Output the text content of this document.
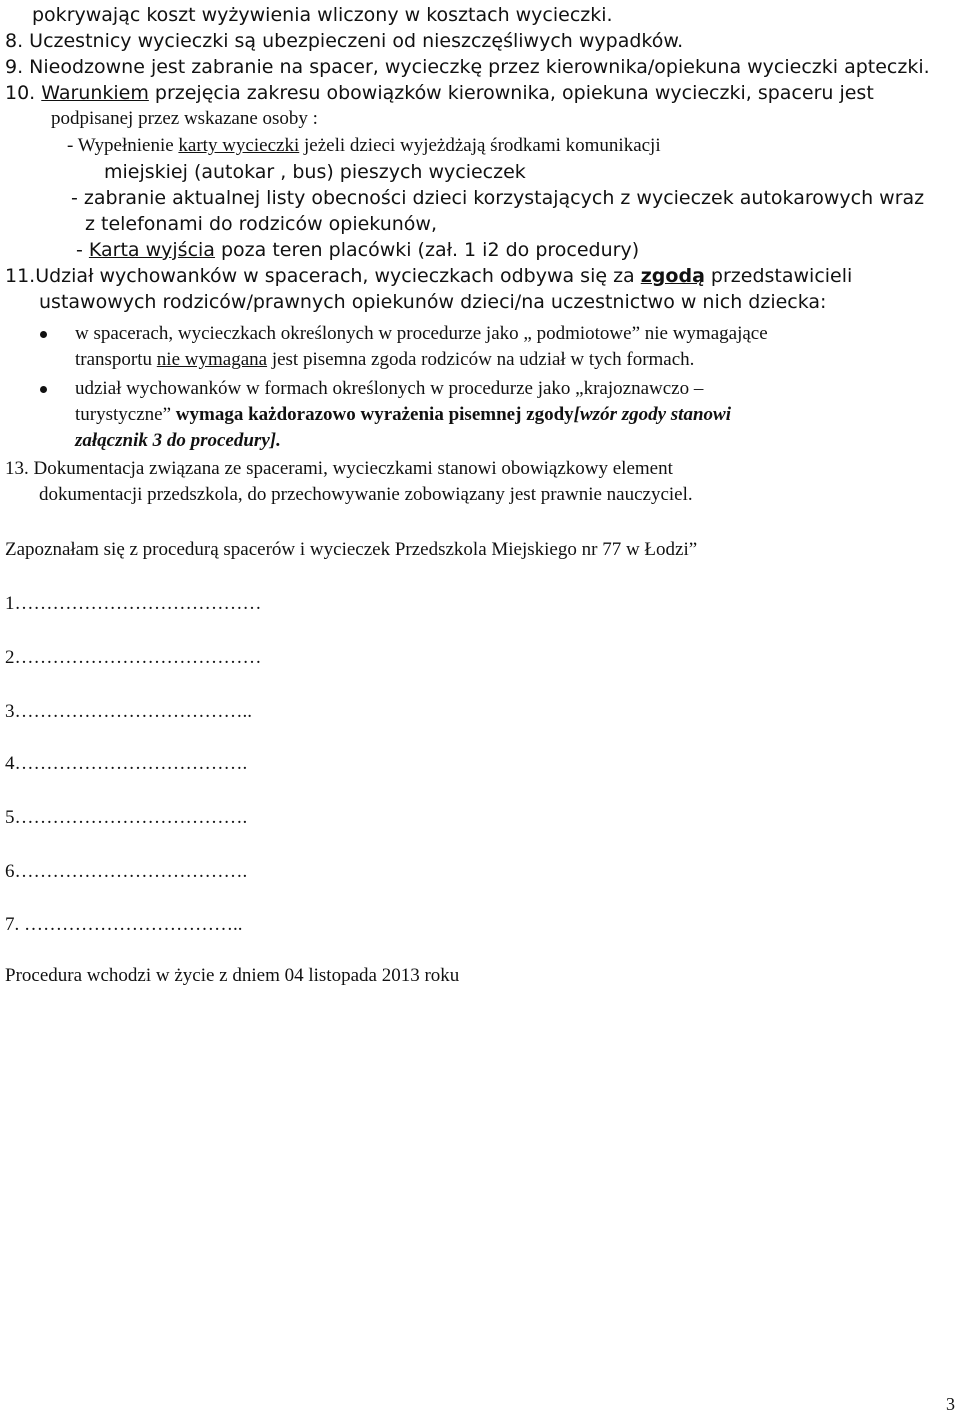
pokrywając koszt wyżywienia wliczony w kosztach wycieczki.

8. Uczestnicy wycieczki są ubezpieczeni od nieszczęśliwych wypadków.

9. Nieodzowne jest zabranie na spacer, wycieczkę przez kierownika/opiekuna wycieczki apteczki.

10. Warunkiem przejęcia zakresu obowiązków kierownika, opiekuna wycieczki, spaceru jest

podpisanej przez wskazane osoby :

- Wypełnienie karty wycieczki jeżeli dzieci wyjeżdżają środkami komunikacji

miejskiej (autokar , bus) pieszych wycieczek

- zabranie aktualnej listy obecności dzieci korzystających z wycieczek autokarowych wraz

z telefonami do rodziców opiekunów,

- Karta wyjścia poza teren placówki (zał. 1 i2 do procedury)

11.Udział wychowanków w spacerach, wycieczkach odbywa się za zgodą przedstawicieli

ustawowych rodziców/prawnych opiekunów dzieci/na uczestnictwo w nich dziecka:

w spacerach, wycieczkach określonych w procedurze jako „ podmiotowe” nie wymagające

transportu nie wymagana jest pisemna zgoda rodziców na udział w tych formach.

udział wychowanków w formach określonych w procedurze jako „krajoznawczo –

turystyczne” wymaga każdorazowo wyrażenia pisemnej zgody[wzór zgody stanowi

załącznik 3 do procedury].

13. Dokumentacja związana ze spacerami, wycieczkami stanowi obowiązkowy element

dokumentacji przedszkola, do przechowywanie zobowiązany jest prawnie nauczyciel.

Zapoznałam się z procedurą spacerów i wycieczek Przedszkola Miejskiego nr 77 w Łodzi”

1…………………………………

2…………………………………

3………………………………..

4……………………………….

5……………………………….

6……………………………….

7. ……………………………..

Procedura wchodzi w życie z dniem 04 listopada 2013 roku

3
